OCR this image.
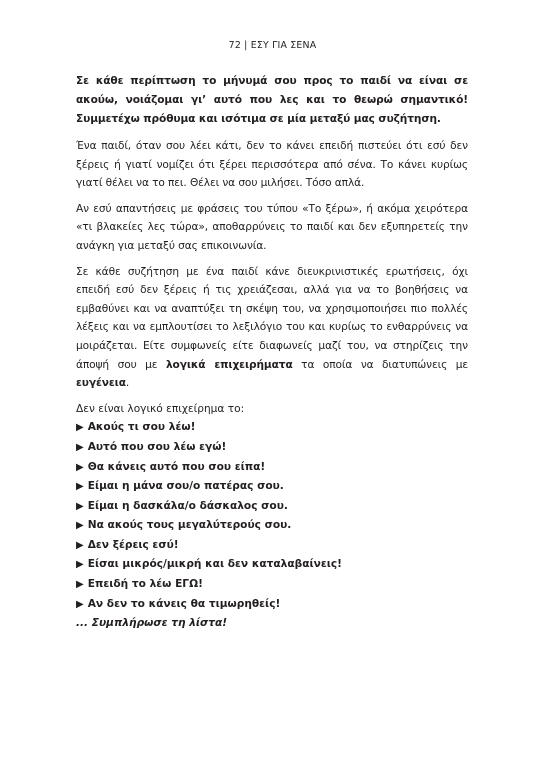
72 | ΕΣΥ ΓΙΑ ΣΕΝΑ

Σε κάθε περίπτωση το μήνυμά σου προς το παιδί να είναι σε ακούω, νοιάζομαι γι’ αυτό που λες και το θεωρώ σημαντικό! Συμμετέχω πρόθυμα και ισότιμα σε μία μεταξύ μας συζήτηση.

Ένα παιδί, όταν σου λέει κάτι, δεν το κάνει επειδή πιστεύει ότι εσύ δεν ξέρεις ή γιατί νομίζει ότι ξέρει περισσότερα από σένα. Το κάνει κυρίως γιατί θέλει να το πει. Θέλει να σου μιλήσει. Τόσο απλά.

Αν εσύ απαντήσεις με φράσεις του τύπου «Το ξέρω», ή ακόμα χειρότερα «τι βλακείες λες τώρα», αποθαρρύνεις το παιδί και δεν εξυπηρετείς την ανάγκη για μεταξύ σας επικοινωνία.

Σε κάθε συζήτηση με ένα παιδί κάνε διευκρινιστικές ερωτήσεις, όχι επειδή εσύ δεν ξέρεις ή τις χρειάζεσαι, αλλά για να το βοηθήσεις να εμβαθύνει και να αναπτύξει τη σκέψη του, να χρησιμοποιήσει πιο πολλές λέξεις και να εμπλουτίσει το λεξιλόγιο του και κυρίως το ενθαρρύνεις να μοιράζεται. Είτε συμφωνείς είτε διαφωνείς μαζί του, να στηρίζεις την άποψή σου με λογικά επιχειρήματα τα οποία να διατυπώνεις με ευγένεια.

Δεν είναι λογικό επιχείρημα το:

▶ Ακούς τι σου λέω!
▶ Αυτό που σου λέω εγώ!
▶ Θα κάνεις αυτό που σου είπα!
▶ Είμαι η μάνα σου/ο πατέρας σου.
▶ Είμαι η δασκάλα/ο δάσκαλος σου.
▶ Να ακούς τους μεγαλύτερούς σου.
▶ Δεν ξέρεις εσύ!
▶ Είσαι μικρός/μικρή και δεν καταλαβαίνεις!
▶ Επειδή το λέω ΕΓΩ!
▶ Αν δεν το κάνεις θα τιμωρηθείς!

... Συμπλήρωσε τη λίστα!
